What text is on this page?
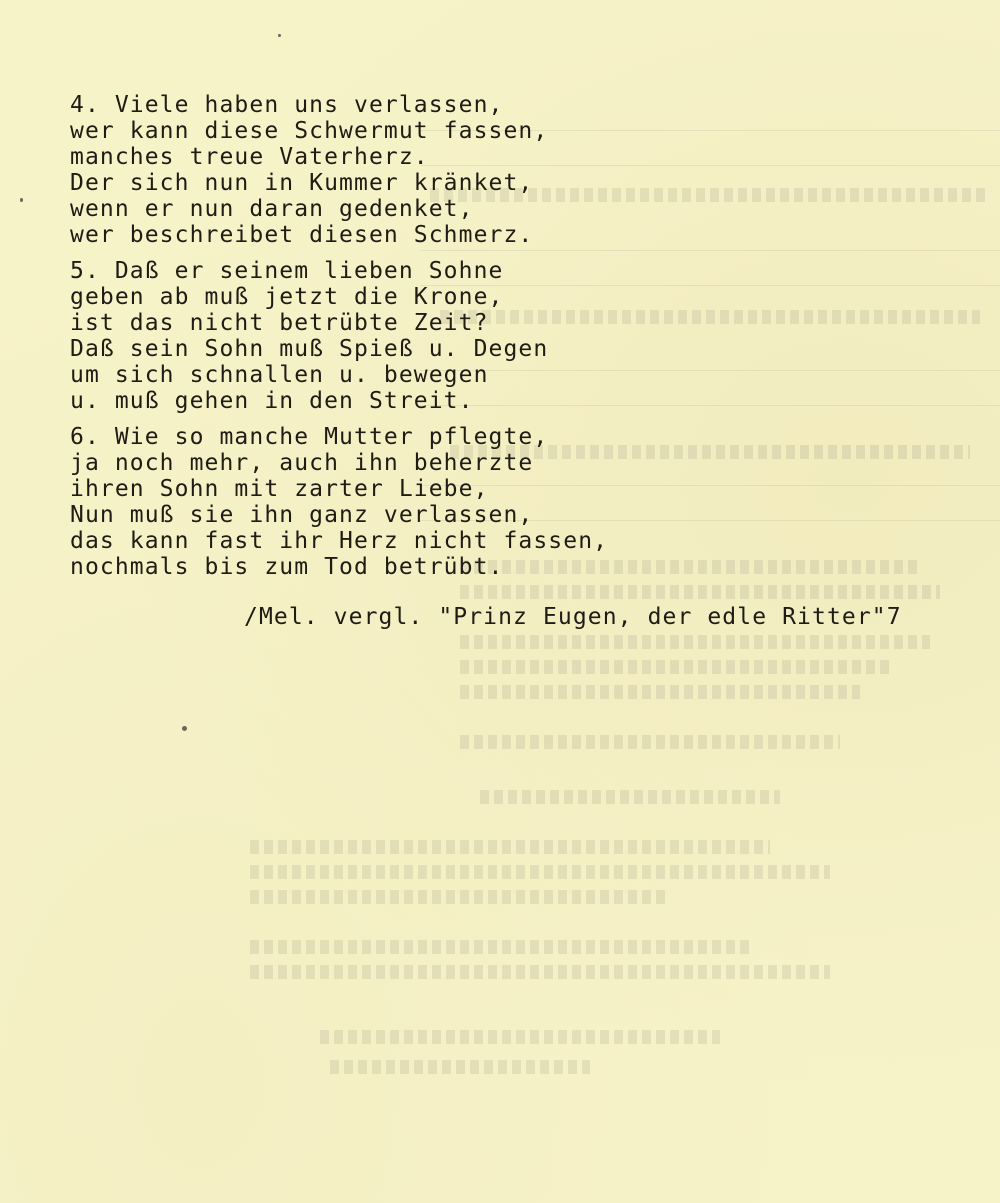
4. Viele haben uns verlassen,
wer kann diese Schwermut fassen,
manches treue Vaterherz.
Der sich nun in Kummer kränket,
wenn er nun daran gedenket,
wer beschreibet diesen Schmerz.
5. Daß er seinem lieben Sohne
geben ab muß jetzt die Krone,
ist das nicht betrübte Zeit?
Daß sein Sohn muß Spieß u. Degen
um sich schnallen u. bewegen
u. muß gehen in den Streit.
6. Wie so manche Mutter pflegte,
ja noch mehr, auch ihn beherzte
ihren Sohn mit zarter Liebe,
Nun muß sie ihn ganz verlassen,
das kann fast ihr Herz nicht fassen,
nochmals bis zum Tod betrübt.
/Mel. vergl. "Prinz Eugen, der edle Ritter"7
